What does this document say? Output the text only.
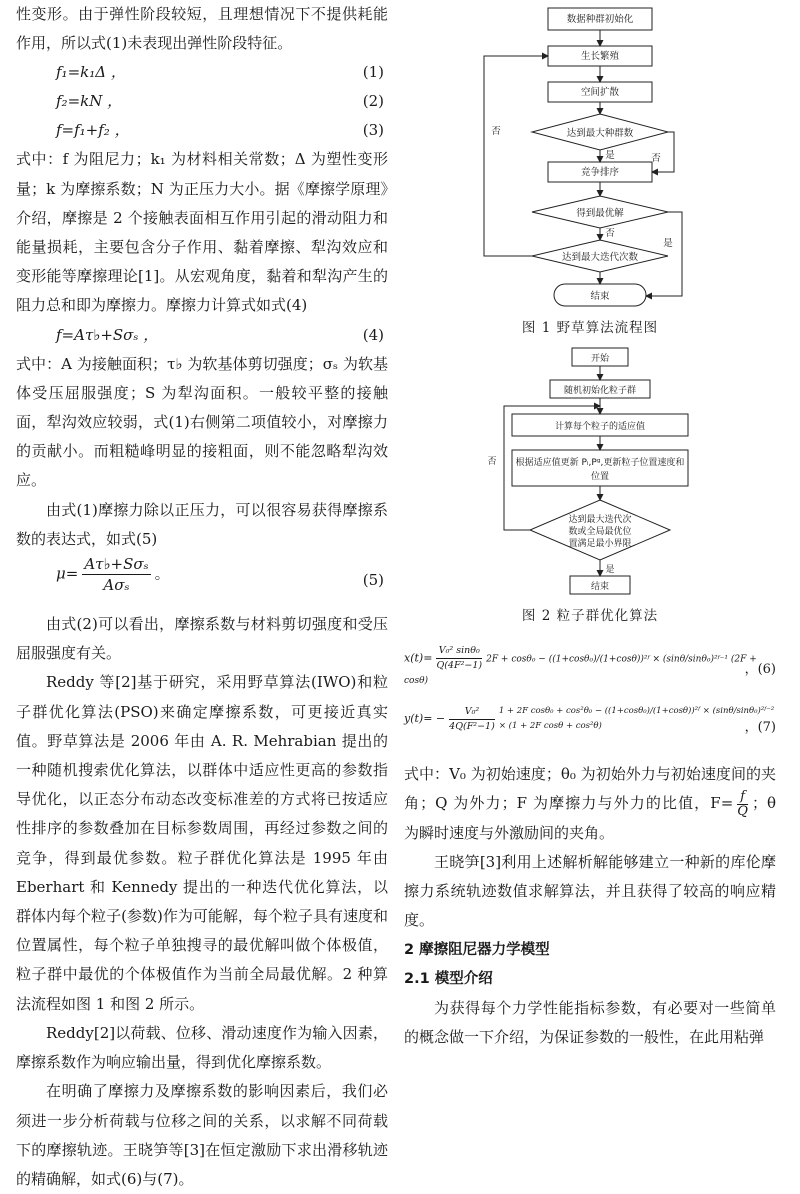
性变形。由于弹性阶段较短，且理想情况下不提供耗能作用，所以式(1)未表现出弹性阶段特征。

f₁=k₁Δ ，	(1)
f₂=kN ，	(2)
f=f₁+f₂ ，	(3)

式中：f 为阻尼力；k₁ 为材料相关常数；Δ 为塑性变形量；k 为摩擦系数；N 为正压力大小。据《摩擦学原理》介绍，摩擦是 2 个接触表面相互作用引起的滑动阻力和能量损耗，主要包含分子作用、黏着摩擦、犁沟效应和变形能等摩擦理论[1]。从宏观角度，黏着和犁沟产生的阻力总和即为摩擦力。摩擦力计算式如式(4)

f=Aτ♭+Sσₛ ，	(4)

式中：A 为接触面积；τ♭ 为软基体剪切强度；σₛ 为软基体受压屈服强度；S 为犁沟面积。一般较平整的接触面，犁沟效应较弱，式(1)右侧第二项值较小，对摩擦力的贡献小。而粗糙峰明显的接粗面，则不能忽略犁沟效应。

由式(1)摩擦力除以正压力，可以很容易获得摩擦系数的表达式，如式(5)

$\mu= \frac{\text{Aτ♭+Sσₛ}}{\text{Aσₛ}}$ 。	(5)

由式(2)可以看出，摩擦系数与材料剪切强度和受压屈服强度有关。

Reddy 等[2]基于研究，采用野草算法(IWO)和粒子群优化算法(PSO)来确定摩擦系数，可更接近真实值。野草算法是 2006 年由 A. R. Mehrabian 提出的一种随机搜索优化算法，以群体中适应性更高的参数指导优化，以正态分布动态改变标准差的方式将已按适应性排序的参数叠加在目标参数周围，再经过参数之间的竞争，得到最优参数。粒子群优化算法是 1995 年由 Eberhart 和 Kennedy 提出的一种迭代优化算法，以群体内每个粒子(参数)作为可能解，每个粒子具有速度和位置属性，每个粒子单独搜寻的最优解叫做个体极值，粒子群中最优的个体极值作为当前全局最优解。2 种算法流程如图 1 和图 2 所示。

Reddy[2]以荷载、位移、滑动速度作为输入因素，摩擦系数作为响应输出量，得到优化摩擦系数。

在明确了摩擦力及摩擦系数的影响因素后，我们必须进一步分析荷载与位移之间的关系，以求解不同荷载下的摩擦轨迹。王晓笋等[3]在恒定激励下求出滑移轨迹的精确解，如式(6)与(7)。

数据种群初始化
生长繁殖
空间扩散
达到最大种群数
竞争排序
得到最优解
达到最大迭代次数
结束
否
否
是
否
是
图 1 野草算法流程图
开始
随机初始化粒子群
计算每个粒子的适应值
根据适应值更新 Pᵢ,Pᵍ,更新粒子位置速度和
位置
达到最大迭代次
数或全局最优位
置满足最小界限
结束
否
是
图 2 粒子群优化算法
$x(t)= \frac{\text{V₀² sinθ₀}}{\text{Q(4F²−1)}} 2F + \cos\theta_0$ − ((1+cosθ₀)/(1+cosθ))²ᶠ × (sinθ/sinθ₀)²ᶠ⁻¹ (2F + cosθ)
，(6)
$y(t)= - \frac{\text{V₀²}}{\text{4Q(F²−1)}} 1 + 2F$ cosθ₀ + cos²θ₀ − ((1+cosθ₀)/(1+cosθ))²ᶠ × (sinθ/sinθ₀)²ᶠ⁻²
× (1 + 2F cosθ + cos²θ)	，(7)

式中：V₀ 为初始速度；θ₀ 为初始外力与初始速度间的夹角；Q 为外力；F 为摩擦力与外力的比值，$F= \frac{f}{Q}$ ；θ 为瞬时速度与外激励间的夹角。

王晓笋[3]利用上述解析解能够建立一种新的库伦摩擦力系统轨迹数值求解算法，并且获得了较高的响应精度。

2 摩擦阻尼器力学模型

2.1 模型介绍

为获得每个力学性能指标参数，有必要对一些简单的概念做一下介绍，为保证参数的一般性，在此用粘弹
